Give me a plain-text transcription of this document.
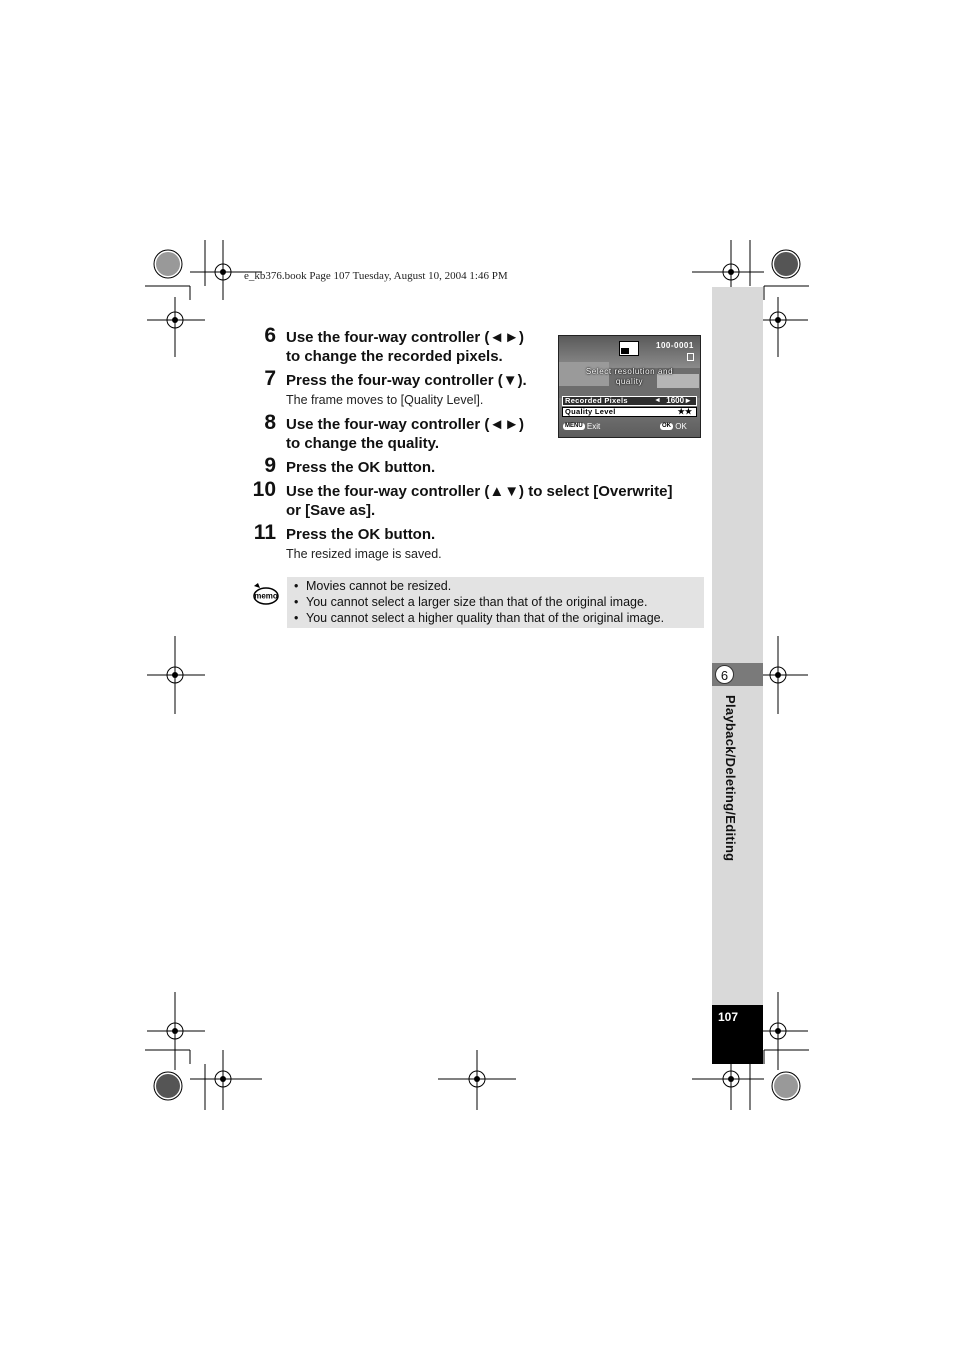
e_kb376.book Page 107 Tuesday, August 10, 2004 1:46 PM
6
Playback/Deleting/Editing
107
6 Use the four-way controller (◄►)
to change the recorded pixels.
7 Press the four-way controller (▼).
The frame moves to [Quality Level].
8 Use the four-way controller (◄►)
to change the quality.
9 Press the OK button.
10 Use the four-way controller (▲▼) to select [Overwrite]
or [Save as].
11 Press the OK button.
The resized image is saved.
100-0001
Select resolution and
quality
Recorded Pixels	◄ 1600►
Quality Level	★★
MENU Exit	OK OK
memo
• Movies cannot be resized.
• You cannot select a larger size than that of the original image.
• You cannot select a higher quality than that of the original image.
